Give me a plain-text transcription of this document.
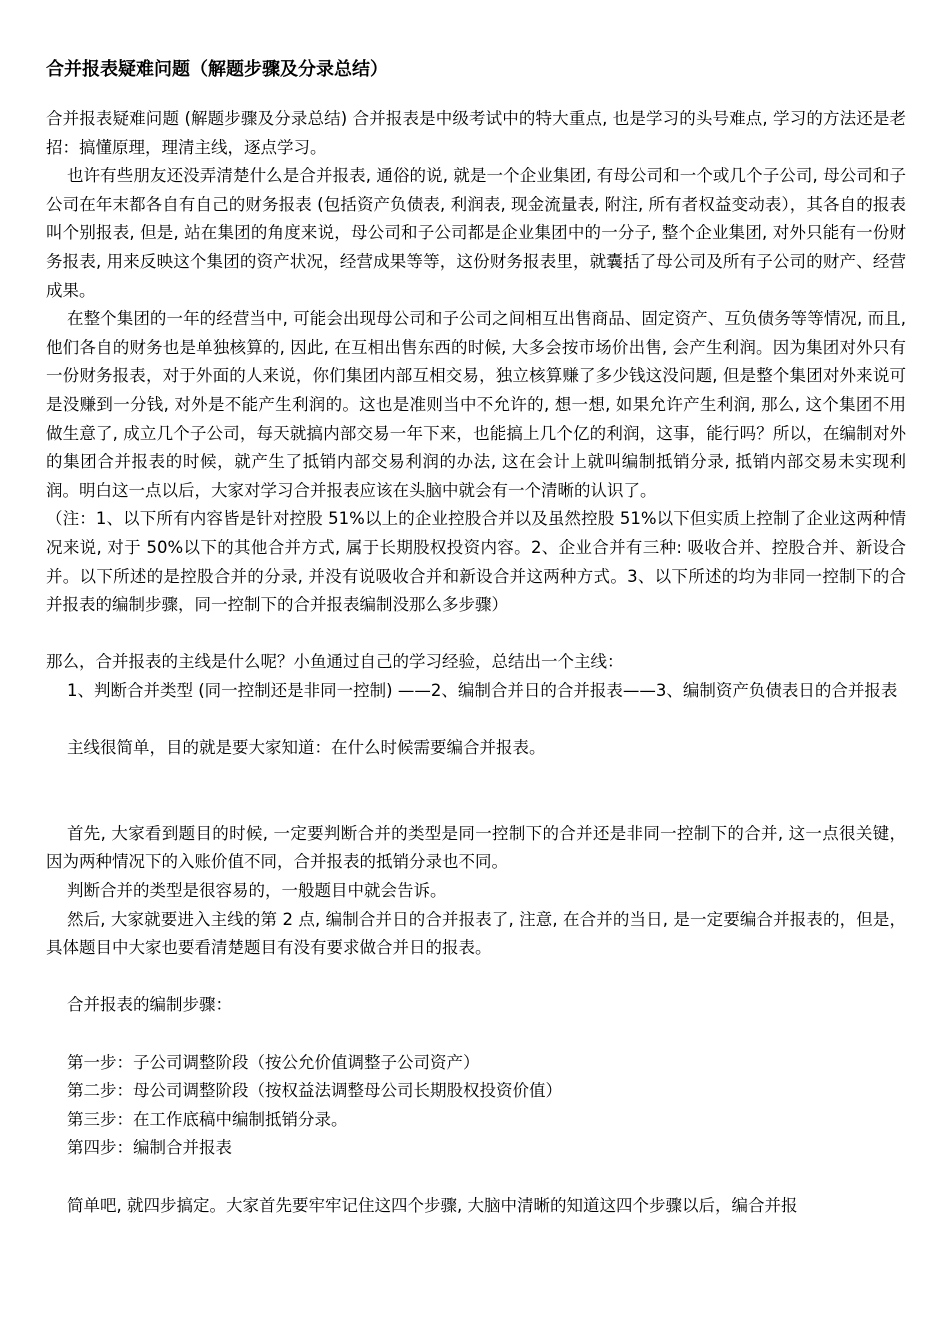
合并报表疑难问题（解题步骤及分录总结）

合并报表疑难问题 (解题步骤及分录总结) 合并报表是中级考试中的特大重点, 也是学习的头号难点, 学习的方法还是老招：搞懂原理，理清主线，逐点学习。

也许有些朋友还没弄清楚什么是合并报表, 通俗的说, 就是一个企业集团, 有母公司和一个或几个子公司, 母公司和子公司在年末都各自有自己的财务报表 (包括资产负债表, 利润表, 现金流量表, 附注, 所有者权益变动表），其各自的报表叫个别报表, 但是, 站在集团的角度来说，母公司和子公司都是企业集团中的一分子, 整个企业集团, 对外只能有一份财务报表, 用来反映这个集团的资产状况，经营成果等等，这份财务报表里，就囊括了母公司及所有子公司的财产、经营成果。

在整个集团的一年的经营当中, 可能会出现母公司和子公司之间相互出售商品、固定资产、互负债务等等情况, 而且, 他们各自的财务也是单独核算的, 因此, 在互相出售东西的时候, 大多会按市场价出售, 会产生利润。因为集团对外只有一份财务报表，对于外面的人来说，你们集团内部互相交易，独立核算赚了多少钱这没问题, 但是整个集团对外来说可是没赚到一分钱, 对外是不能产生利润的。这也是准则当中不允许的, 想一想, 如果允许产生利润, 那么, 这个集团不用做生意了, 成立几个子公司，每天就搞内部交易一年下来，也能搞上几个亿的利润，这事，能行吗？所以，在编制对外的集团合并报表的时候，就产生了抵销内部交易利润的办法, 这在会计上就叫编制抵销分录, 抵销内部交易未实现利润。明白这一点以后，大家对学习合并报表应该在头脑中就会有一个清晰的认识了。

（注：1、以下所有内容皆是针对控股 51%以上的企业控股合并以及虽然控股 51%以下但实质上控制了企业这两种情况来说, 对于 50%以下的其他合并方式, 属于长期股权投资内容。2、企业合并有三种: 吸收合并、控股合并、新设合并。以下所述的是控股合并的分录, 并没有说吸收合并和新设合并这两种方式。3、以下所述的均为非同一控制下的合并报表的编制步骤，同一控制下的合并报表编制没那么多步骤）

那么，合并报表的主线是什么呢？小鱼通过自己的学习经验，总结出一个主线：

1、判断合并类型 (同一控制还是非同一控制) ——2、编制合并日的合并报表——3、编制资产负债表日的合并报表

主线很简单，目的就是要大家知道：在什么时候需要编合并报表。

首先, 大家看到题目的时候, 一定要判断合并的类型是同一控制下的合并还是非同一控制下的合并, 这一点很关键，因为两种情况下的入账价值不同，合并报表的抵销分录也不同。

判断合并的类型是很容易的，一般题目中就会告诉。

然后, 大家就要进入主线的第 2 点, 编制合并日的合并报表了, 注意, 在合并的当日, 是一定要编合并报表的，但是，具体题目中大家也要看清楚题目有没有要求做合并日的报表。

合并报表的编制步骤：

第一步：子公司调整阶段（按公允价值调整子公司资产）

第二步：母公司调整阶段（按权益法调整母公司长期股权投资价值）

第三步：在工作底稿中编制抵销分录。

第四步：编制合并报表

简单吧, 就四步搞定。大家首先要牢牢记住这四个步骤, 大脑中清晰的知道这四个步骤以后，编合并报
